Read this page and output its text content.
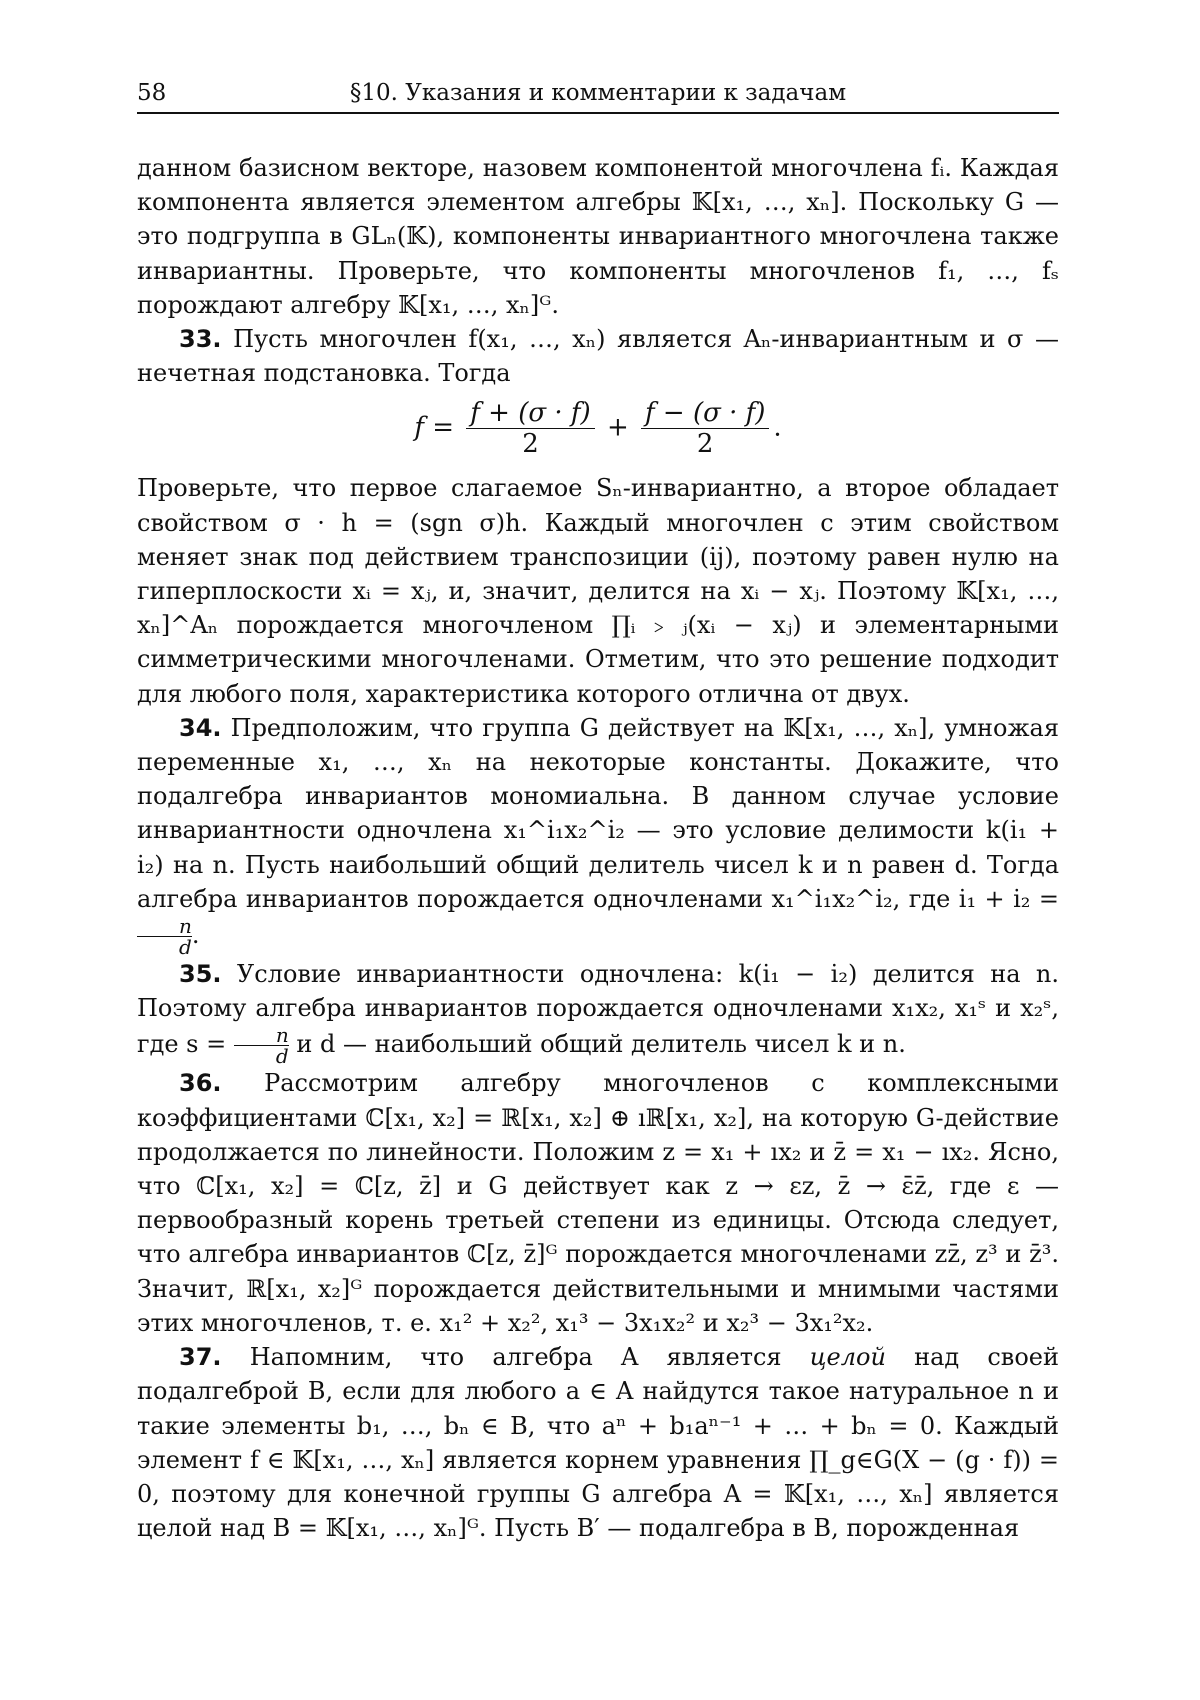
58	§10. Указания и комментарии к задачам

данном базисном векторе, назовем компонентой многочлена fᵢ. Каждая компонента является элементом алгебры 𝕂[x₁, …, xₙ]. Поскольку G — это подгруппа в GLₙ(𝕂), компоненты инвариантного многочлена также инвариантны. Проверьте, что компоненты многочленов f₁, …, fₛ порождают алгебру 𝕂[x₁, …, xₙ]ᴳ.

33. Пусть многочлен f(x₁, …, xₙ) является Aₙ-инвариантным и σ — нечетная подстановка. Тогда

f = f + (σ · f)
2
+ f − (σ · f)
2
.

Проверьте, что первое слагаемое Sₙ-инвариантно, а второе обладает свойством σ · h = (sgn σ)h. Каждый многочлен с этим свойством меняет знак под действием транспозиции (ij), поэтому равен нулю на гиперплоскости xᵢ = xⱼ, и, значит, делится на xᵢ − xⱼ. Поэтому 𝕂[x₁, …, xₙ]^Aₙ порождается многочленом ∏ᵢ﹥ⱼ(xᵢ − xⱼ) и элементарными симметрическими многочленами. Отметим, что это решение подходит для любого поля, характеристика которого отлична от двух.

34. Предположим, что группа G действует на 𝕂[x₁, …, xₙ], умножая переменные x₁, …, xₙ на некоторые константы. Докажите, что подалгебра инвариантов мономиальна. В данном случае условие инвариантности одночлена x₁^i₁x₂^i₂ — это условие делимости k(i₁ + i₂) на n. Пусть наибольший общий делитель чисел k и n равен d. Тогда алгебра инвариантов порождается одночленами x₁^i₁x₂^i₂, где i₁ + i₂ =
n
d .

35. Условие инвариантности одночлена: k(i₁ − i₂) делится на n. Поэтому алгебра инвариантов порождается одночленами x₁x₂, x₁ˢ и x₂ˢ, где s =	n
d и d — наибольший общий делитель чисел k и n.

36. Рассмотрим алгебру многочленов с комплексными коэффициентами ℂ[x₁, x₂] = ℝ[x₁, x₂] ⊕ ıℝ[x₁, x₂], на которую G-действие продолжается по линейности. Положим z = x₁ + ıx₂ и z̄ = x₁ − ıx₂. Ясно, что ℂ[x₁, x₂] = ℂ[z, z̄] и G действует как z → εz, z̄ → ε̄z̄, где ε — первообразный корень третьей степени из единицы. Отсюда следует, что алгебра инвариантов ℂ[z, z̄]ᴳ порождается многочленами zz̄, z³ и z̄³. Значит, ℝ[x₁, x₂]ᴳ порождается действительными и мнимыми частями этих многочленов, т. е. x₁² + x₂², x₁³ − 3x₁x₂² и x₂³ − 3x₁²x₂.

37. Напомним, что алгебра A является целой над своей подалгеброй B, если для любого a ∈ A найдутся такое натуральное n и такие элементы b₁, …, bₙ ∈ B, что aⁿ + b₁aⁿ⁻¹ + … + bₙ = 0. Каждый элемент f ∈ 𝕂[x₁, …, xₙ] является корнем уравнения ∏_g∈G(X − (g · f)) = 0, поэтому для конечной группы G алгебра A = 𝕂[x₁, …, xₙ] является целой над B = 𝕂[x₁, …, xₙ]ᴳ. Пусть B′ — подалгебра в B, порожденная
